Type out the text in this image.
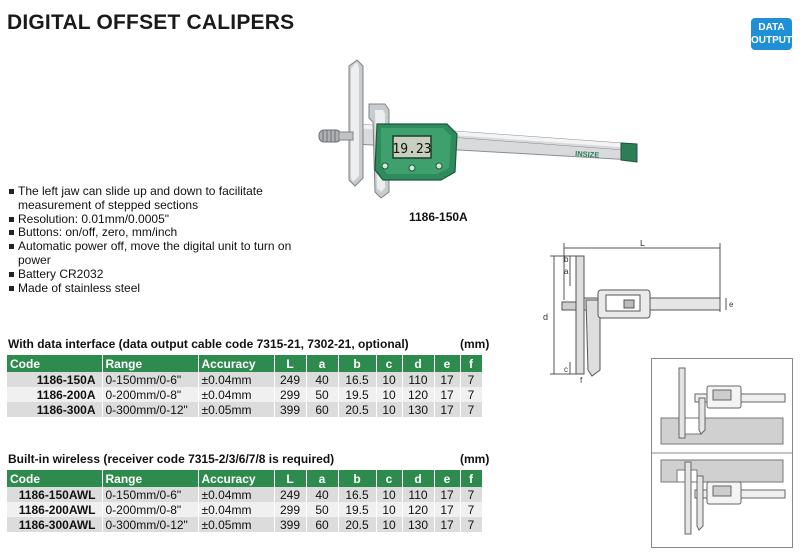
DIGITAL OFFSET CALIPERS	DATA
OUTPUT
19.23	INSIZE
1186-150A
The left jaw can slide up and down to facilitate measurement of stepped sections
Resolution: 0.01mm/0.0005"
Buttons: on/off, zero, mm/inch
Automatic power off, move the digital unit to turn on power
Battery CR2032
Made of stainless steel
L
d
a
b
c
e
f
With data interface (data output cable code 7315-21, 7302-21, optional)	(mm)
Code	Range	Accuracy	L	a	b	c	d	e	f
1186-150A	0-150mm/0-6"	±0.04mm	249	40	16.5	10	110	17	7
1186-200A	0-200mm/0-8"	±0.04mm	299	50	19.5	10	120	17	7
1186-300A	0-300mm/0-12"	±0.05mm	399	60	20.5	10	130	17	7
Built-in wireless (receiver code 7315-2/3/6/7/8 is required)	(mm)
Code	Range	Accuracy	L	a	b	c	d	e	f
1186-150AWL	0-150mm/0-6"	±0.04mm	249	40	16.5	10	110	17	7
1186-200AWL	0-200mm/0-8"	±0.04mm	299	50	19.5	10	120	17	7
1186-300AWL	0-300mm/0-12"	±0.05mm	399	60	20.5	10	130	17	7
